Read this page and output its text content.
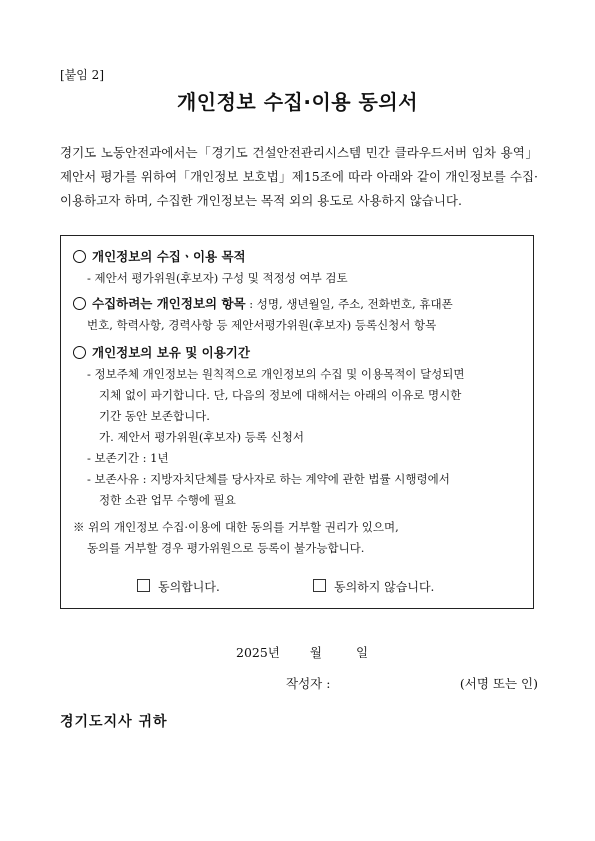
[붙임 2]
개인정보 수집·이용 동의서
경기도 노동안전과에서는「경기도 건설안전관리시스템 민간 클라우드서버 임차 용역」제안서 평가를 위하여「개인정보 보호법」제15조에 따라 아래와 같이 개인정보를 수집·이용하고자 하며, 수집한 개인정보는 목적 외의 용도로 사용하지 않습니다.
개인정보의 수집ㆍ이용 목적
- 제안서 평가위원(후보자) 구성 및 적정성 여부 검토
수집하려는 개인정보의 항목 : 성명, 생년월일, 주소, 전화번호, 휴대폰
번호, 학력사항, 경력사항 등 제안서평가위원(후보자) 등록신청서 항목
개인정보의 보유 및 이용기간
- 정보주체 개인정보는 원칙적으로 개인정보의 수집 및 이용목적이 달성되면
지체 없이 파기합니다. 단, 다음의 정보에 대해서는 아래의 이유로 명시한
기간 동안 보존합니다.
가. 제안서 평가위원(후보자) 등록 신청서
- 보존기간 : 1년
- 보존사유 : 지방자치단체를 당사자로 하는 계약에 관한 법률 시행령에서
정한 소관 업무 수행에 필요
※ 위의 개인정보 수집·이용에 대한 동의를 거부할 권리가 있으며,
동의를 거부할 경우 평가위원으로 등록이 불가능합니다.
동의합니다.	동의하지 않습니다.
2025년 월	일
작성자 :	(서명 또는 인)
경기도지사 귀하
